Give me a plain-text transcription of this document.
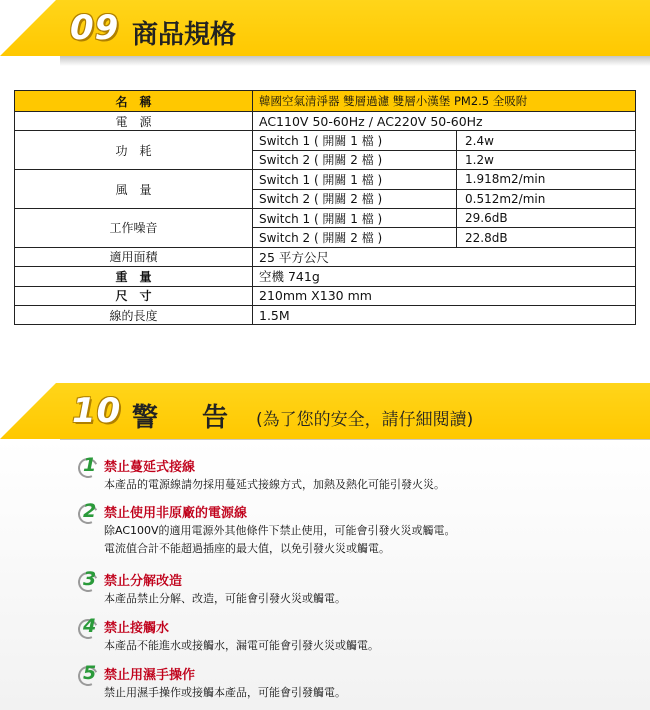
09 商品規格
名　稱	韓國空氣清淨器 雙層過濾 雙層小漢堡 PM2.5 全吸附	
電　源	AC110V 50-60Hz / AC220V 50-60Hz	
功　耗	Switch 1 ( 開關 1 檔 )	2.4w
	Switch 2 ( 開關 2 檔 )	1.2w
風　量	Switch 1 ( 開關 1 檔 )	1.918m2/min
	Switch 2 ( 開關 2 檔 )	0.512m2/min
工作噪音	Switch 1 ( 開關 1 檔 )	29.6dB
	Switch 2 ( 開關 2 檔 )	22.8dB
適用面積	25 平方公尺	
重　量	空機 741g	
尺　寸	210mm X130 mm	
線的長度	1.5M	
10 警 告 (為了您的安全，請仔細閱讀)
1 禁止蔓延式接線
本產品的電源線請勿採用蔓延式接線方式，加熱及熱化可能引發火災。
2 禁止使用非原廠的電源線
除AC100V的適用電源外其他條件下禁止使用，可能會引發火災或觸電。
電流值合計不能超過插座的最大值，以免引發火災或觸電。
3 禁止分解改造
本產品禁止分解、改造，可能會引發火災或觸電。
4 禁止接觸水
本產品不能進水或接觸水，漏電可能會引發火災或觸電。
5 禁止用濕手操作
禁止用濕手操作或接觸本產品，可能會引發觸電。
